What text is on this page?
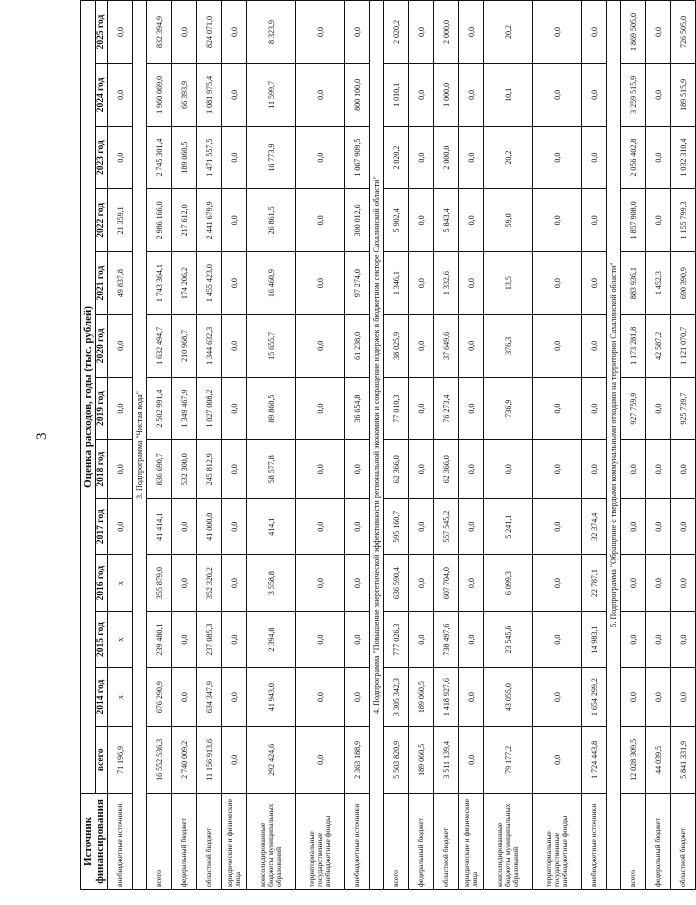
3
Источник финансирования	Оценка расходов, годы (тыс. рублей)												
	всего	2014 год	2015 год	2016 год	2017 год	2018 год	2019 год	2020 год	2021 год	2022 год	2023 год	2024 год	2025 год
внебюджетные источники	71 196,9	x	x	x	0,0	0,0	0,0	0,0	49 837,8	21 359,1	0,0	0,0	0,0
3. Подпрограмма "Чистая вода"													
всего	16 552 536,3	676 290,9	239 480,1	355 879,0	41 414,1	836 690,7	2 502 991,4	1 632 494,7	1 743 364,1	2 986 166,0	2 745 301,4	1 960 069,0	832 394,9
федеральный бюджет	2 740 009,2	0,0	0,0	0,0	0,0	532 300,0	1 349 467,9	210 968,7	174 206,2	217 612,0	189 060,5	66 393,9	0,0
областной бюджет	11 156 913,6	634 347,9	237 085,3	352 320,2	41 000,0	245 812,9	1 027 008,2	1 344 632,3	1 455 423,0	2 441 679,9	1 471 557,5	1 081 975,4	824 071,0
юридические и физические лица	0,0	0,0	0,0	0,0	0,0	0,0	0,0	0,0	0,0	0,0	0,0	0,0	0,0
консолидированные бюджеты муниципальных образований	292 424,6	41 943,0	2 394,8	3 558,8	414,1	58 577,8	89 860,5	15 655,7	16 460,9	26 861,5	16 773,9	11 599,7	8 323,9
территориальные государственные внебюджетные фонды	0,0	0,0	0,0	0,0	0,0	0,0	0,0	0,0	0,0	0,0	0,0	0,0	0,0
внебюджетные источники	2 363 188,9	0,0	0,0	0,0	0,0	0,0	36 654,8	61 238,0	97 274,0	300 012,6	1 067 909,5	800 100,0	0,0
4. Подпрограмма "Повышение энергетической эффективности региональной экономики и сокращение издержек в бюджетном секторе Сахалинской области"													
всего	5 503 820,9	3 305 342,3	777 026,3	636 590,4	595 160,7	62 366,0	77 010,3	38 025,9	1 346,1	5 902,4	2 020,2	1 010,1	2 020,2
федеральный бюджет	189 060,5	189 060,5	0,0	0,0	0,0	0,0	0,0	0,0	0,0	0,0	0,0	0,0	0,0
областной бюджет	3 511 139,4	1 418 927,6	738 497,6	607 704,0	557 545,2	62 366,0	76 273,4	37 649,6	1 332,6	5 843,4	2 000,0	1 000,0	2 000,0
юридические и физические лица	0,0	0,0	0,0	0,0	0,0	0,0	0,0	0,0	0,0	0,0	0,0	0,0	0,0
консолидированные бюджеты муниципальных образований	79 177,2	43 055,0	23 545,6	6 099,3	5 241,1	0,0	736,9	376,3	13,5	59,0	20,2	10,1	20,2
территориальные государственные внебюджетные фонды	0,0	0,0	0,0	0,0	0,0	0,0	0,0	0,0	0,0	0,0	0,0	0,0	0,0
внебюджетные источники	1 724 443,8	1 654 299,2	14 983,1	22 787,1	32 374,4	0,0	0,0	0,0	0,0	0,0	0,0	0,0	0,0
5. Подпрограмма "Обращение с твердыми коммунальными отходами на территории Сахалинской области"													
всего	12 028 309,5	0,0	0,0	0,0	0,0	0,0	927 759,9	1 173 281,8	883 936,1	1 857 908,0	2 056 402,8	3 259 515,9	1 869 505,0
федеральный бюджет	44 039,5	0,0	0,0	0,0	0,0	0,0	0,0	42 587,2	1 452,3	0,0	0,0	0,0	0,0
областной бюджет	5 841 331,9	0,0	0,0	0,0	0,0	0,0	925 739,7	1 121 070,7	690 390,9	1 155 799,3	1 032 310,4	189 515,9	726 505,0
